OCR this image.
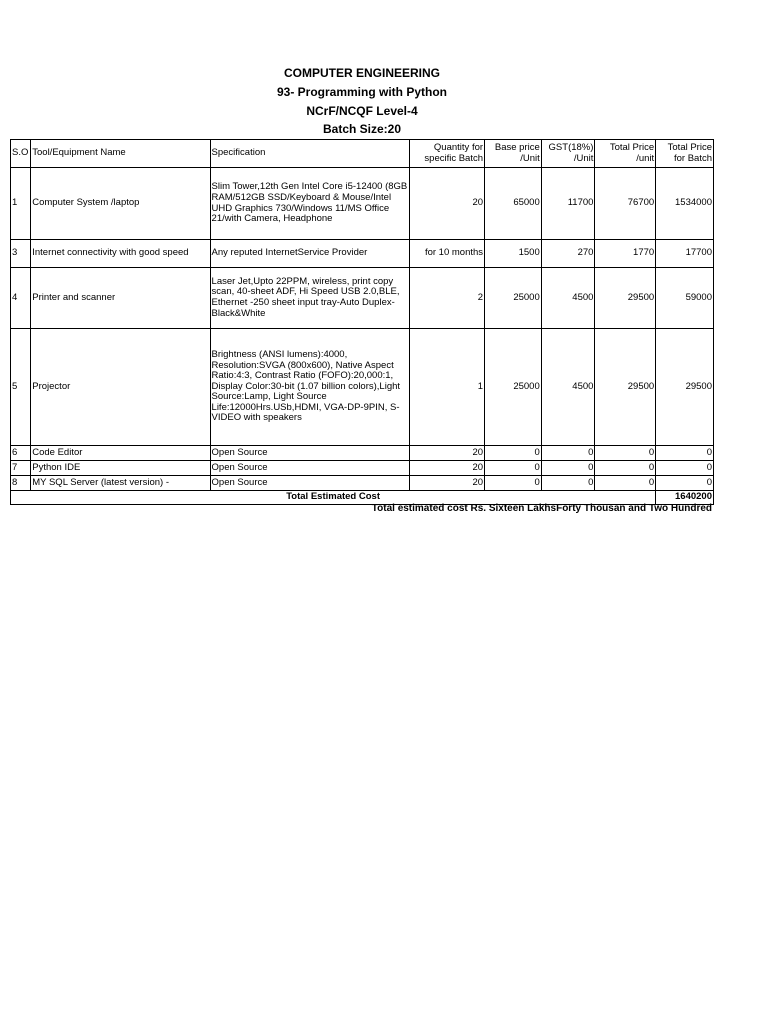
COMPUTER ENGINEERING
93- Programming with Python
NCrF/NCQF Level-4
Batch Size:20
S.O	Tool/Equipment Name	Specification	Quantity for specific Batch	Base price /Unit	GST(18%) /Unit	Total Price /unit	Total Price for Batch
1	Computer System /laptop	Slim Tower,12th Gen Intel Core i5-12400 (8GB RAM/512GB SSD/Keyboard & Mouse/Intel UHD Graphics 730/Windows 11/MS Office 21/with Camera, Headphone	20	65000	11700	76700	1534000
3	Internet connectivity with good speed	Any reputed InternetService Provider	for 10 months	1500	270	1770	17700
4	Printer and scanner	Laser Jet,Upto 22PPM, wireless, print copy scan, 40-sheet ADF, Hi Speed USB 2.0,BLE, Ethernet -250 sheet input tray-Auto Duplex-Black&White	2	25000	4500	29500	59000
5	Projector	Brightness (ANSI lumens):4000, Resolution:SVGA (800x600), Native Aspect Ratio:4:3, Contrast Ratio (FOFO):20,000:1, Display Color:30-bit (1.07 billion colors),Light Source:Lamp, Light Source Life:12000Hrs.USb,HDMI, VGA-DP-9PIN, S-VIDEO with speakers	1	25000	4500	29500	29500
6	Code Editor	Open Source	20	0	0	0	0
7	Python IDE	Open Source	20	0	0	0	0
8	MY SQL Server (latest version) -	Open Source	20	0	0	0	0
Total Estimated Cost							1640200
Total estimated cost Rs. Sixteen LakhsForty Thousan and Two Hundred
